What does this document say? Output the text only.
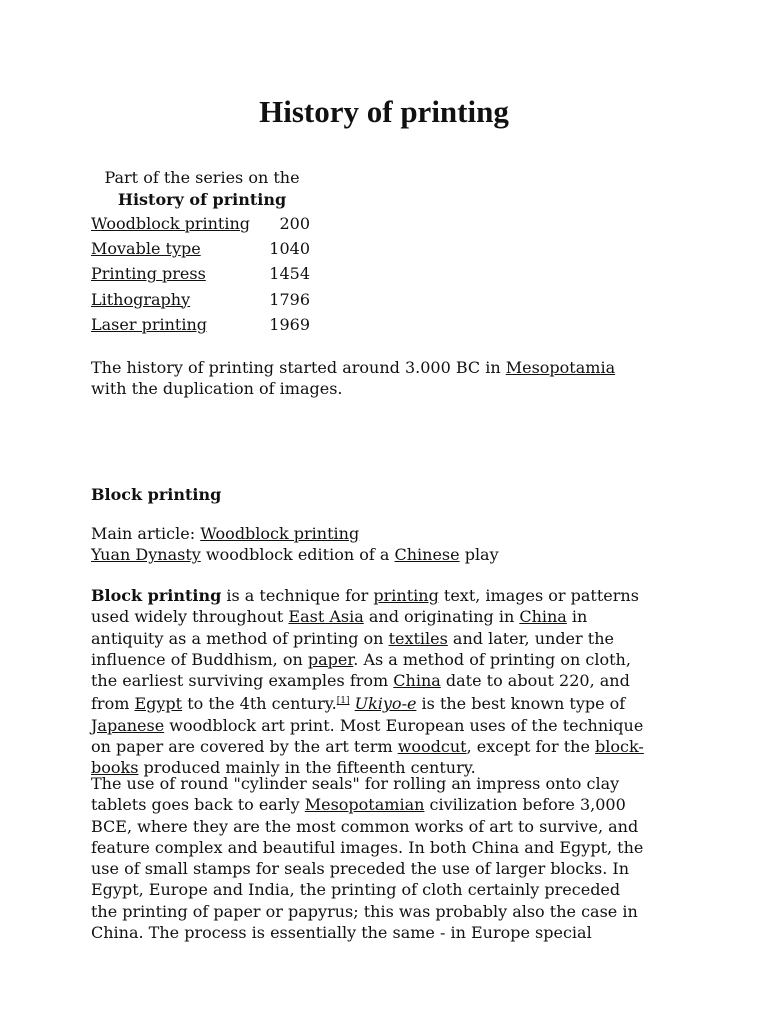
History of printing
Part of the series on the
History of printing
Woodblock printing 200
Movable type	1040
Printing press	1454
Lithography	1796
Laser printing	1969

The history of printing started around 3.000 BC in Mesopotamia with the duplication of images.

Block printing

Main article: Woodblock printing
Yuan Dynasty woodblock edition of a Chinese play

Block printing is a technique for printing text, images or patterns used widely throughout East Asia and originating in China in antiquity as a method of printing on textiles and later, under the influence of Buddhism, on paper. As a method of printing on cloth, the earliest surviving examples from China date to about 220, and from Egypt to the 4th century.[1] Ukiyo-e is the best known type of Japanese woodblock art print. Most European uses of the technique on paper are covered by the art term woodcut, except for the block-books produced mainly in the fifteenth century.

The use of round "cylinder seals" for rolling an impress onto clay tablets goes back to early Mesopotamian civilization before 3,000 BCE, where they are the most common works of art to survive, and feature complex and beautiful images. In both China and Egypt, the use of small stamps for seals preceded the use of larger blocks. In Egypt, Europe and India, the printing of cloth certainly preceded the printing of paper or papyrus; this was probably also the case in China. The process is essentially the same - in Europe special
